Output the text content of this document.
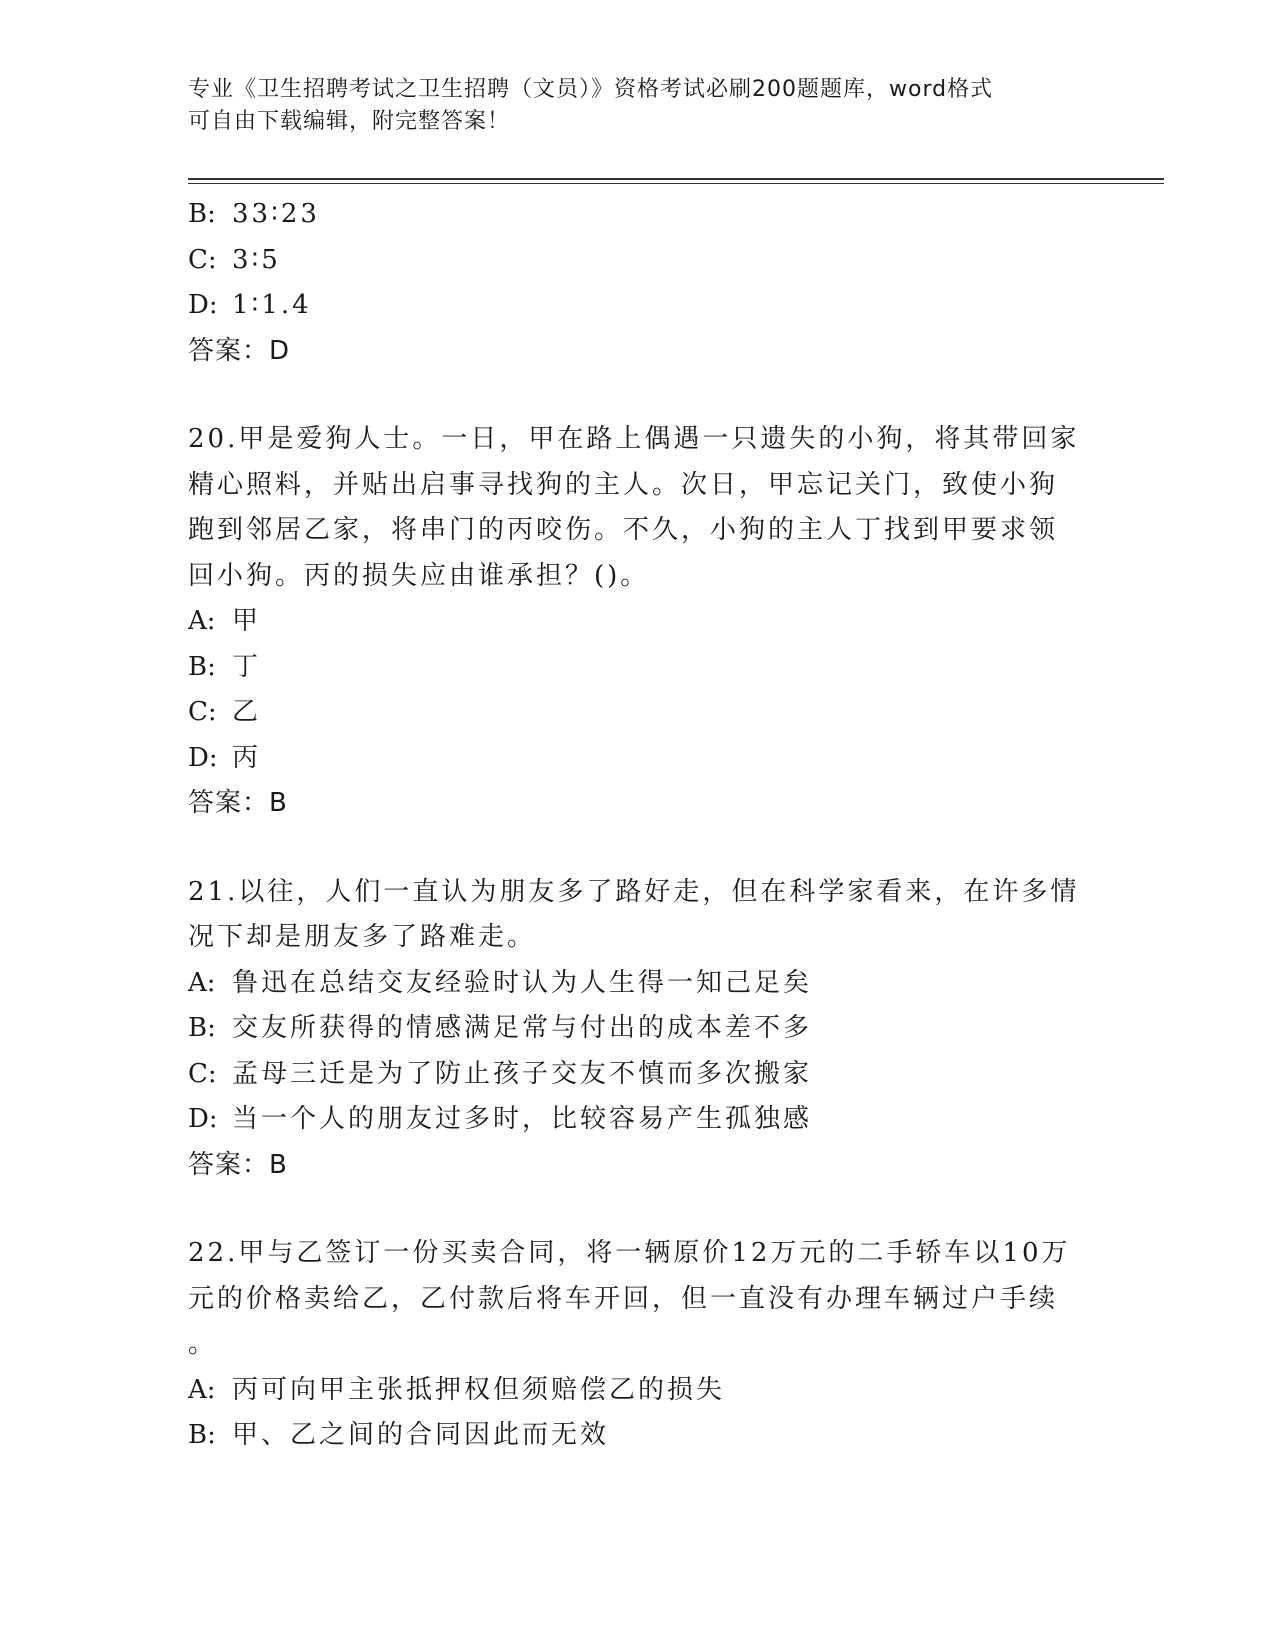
专业《卫生招聘考试之卫生招聘（文员）》资格考试必刷200题题库，word格式
可自由下载编辑，附完整答案！
B: 33∶23
C: 3∶5
D: 1∶1.4
答案：D
20.甲是爱狗人士。一日，甲在路上偶遇一只遗失的小狗，将其带回家
精心照料，并贴出启事寻找狗的主人。次日，甲忘记关门，致使小狗
跑到邻居乙家，将串门的丙咬伤。不久，小狗的主人丁找到甲要求领
回小狗。丙的损失应由谁承担？()。
A: 甲
B: 丁
C: 乙
D: 丙
答案：B
21.以往，人们一直认为朋友多了路好走，但在科学家看来，在许多情
况下却是朋友多了路难走。
A: 鲁迅在总结交友经验时认为人生得一知己足矣
B: 交友所获得的情感满足常与付出的成本差不多
C: 孟母三迁是为了防止孩子交友不慎而多次搬家
D: 当一个人的朋友过多时，比较容易产生孤独感
答案：B
22.甲与乙签订一份买卖合同，将一辆原价12万元的二手轿车以10万
元的价格卖给乙，乙付款后将车开回，但一直没有办理车辆过户手续
。
A: 丙可向甲主张抵押权但须赔偿乙的损失
B: 甲、乙之间的合同因此而无效
